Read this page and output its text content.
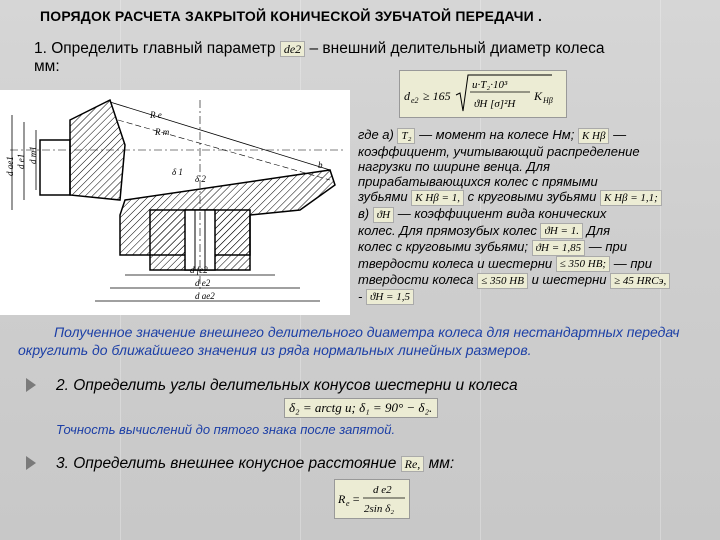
ПОРЯДОК РАСЧЕТА ЗАКРЫТОЙ КОНИЧЕСКОЙ ЗУБЧАТОЙ ПЕРЕДАЧИ .
1. Определить главный параметр de2 – внешний делительный диаметр колеса
мм:
d e2 ≥ 165
u·T₂·10³
ϑH [σ]²H
K Hβ
d ae1 d e1 d m1
R e
R m
δ 1
δ 2
b
d fe2
d e2
d ae2
где а) T₂ — момент на колесе Нм; K Hβ —
коэффициент, учитывающий распределение
нагрузки по ширине венца. Для
прирабатывающихся колес с прямыми
зубьями K Hβ = 1, с круговыми зубьями K Hβ = 1,1;
в) ϑH — коэффициент вида конических
колес. Для прямозубых колес ϑH = 1. Для
колес с круговыми зубьями; ϑH = 1,85 — при
твердости колеса и шестерни ≤ 350 HB; — при
твердости колеса ≤ 350 HB и шестерни ≥ 45 HRCэ,
- ϑH = 1,5
Полученное значение внешнего делительного диаметра колеса для нестандартных передач округлить до ближайшего значения из ряда нормальных линейных размеров.
2. Определить углы делительных конусов шестерни и колеса
δ₂ = arctg u; δ₁ = 90° − δ₂.
Точность вычислений до пятого знака после запятой.
3. Определить внешнее конусное расстояние Re, мм:
R e =
d e2
2sin δ₂
